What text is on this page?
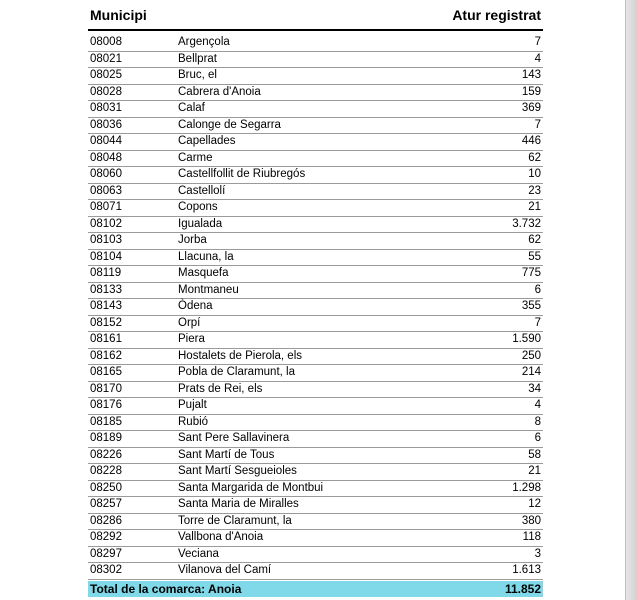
Municipi	Atur registrat
08008	Argençola	7
08021	Bellprat	4
08025	Bruc, el	143
08028	Cabrera d'Anoia	159
08031	Calaf	369
08036	Calonge de Segarra	7
08044	Capellades	446
08048	Carme	62
08060	Castellfollit de Riubregós	10
08063	Castellolí	23
08071	Copons	21
08102	Igualada	3.732
08103	Jorba	62
08104	Llacuna, la	55
08119	Masquefa	775
08133	Montmaneu	6
08143	Òdena	355
08152	Orpí	7
08161	Piera	1.590
08162	Hostalets de Pierola, els	250
08165	Pobla de Claramunt, la	214
08170	Prats de Rei, els	34
08176	Pujalt	4
08185	Rubió	8
08189	Sant Pere Sallavinera	6
08226	Sant Martí de Tous	58
08228	Sant Martí Sesgueioles	21
08250	Santa Margarida de Montbui	1.298
08257	Santa Maria de Miralles	12
08286	Torre de Claramunt, la	380
08292	Vallbona d'Anoia	118
08297	Veciana	3
08302	Vilanova del Camí	1.613
Total de la comarca: Anoia	11.852
